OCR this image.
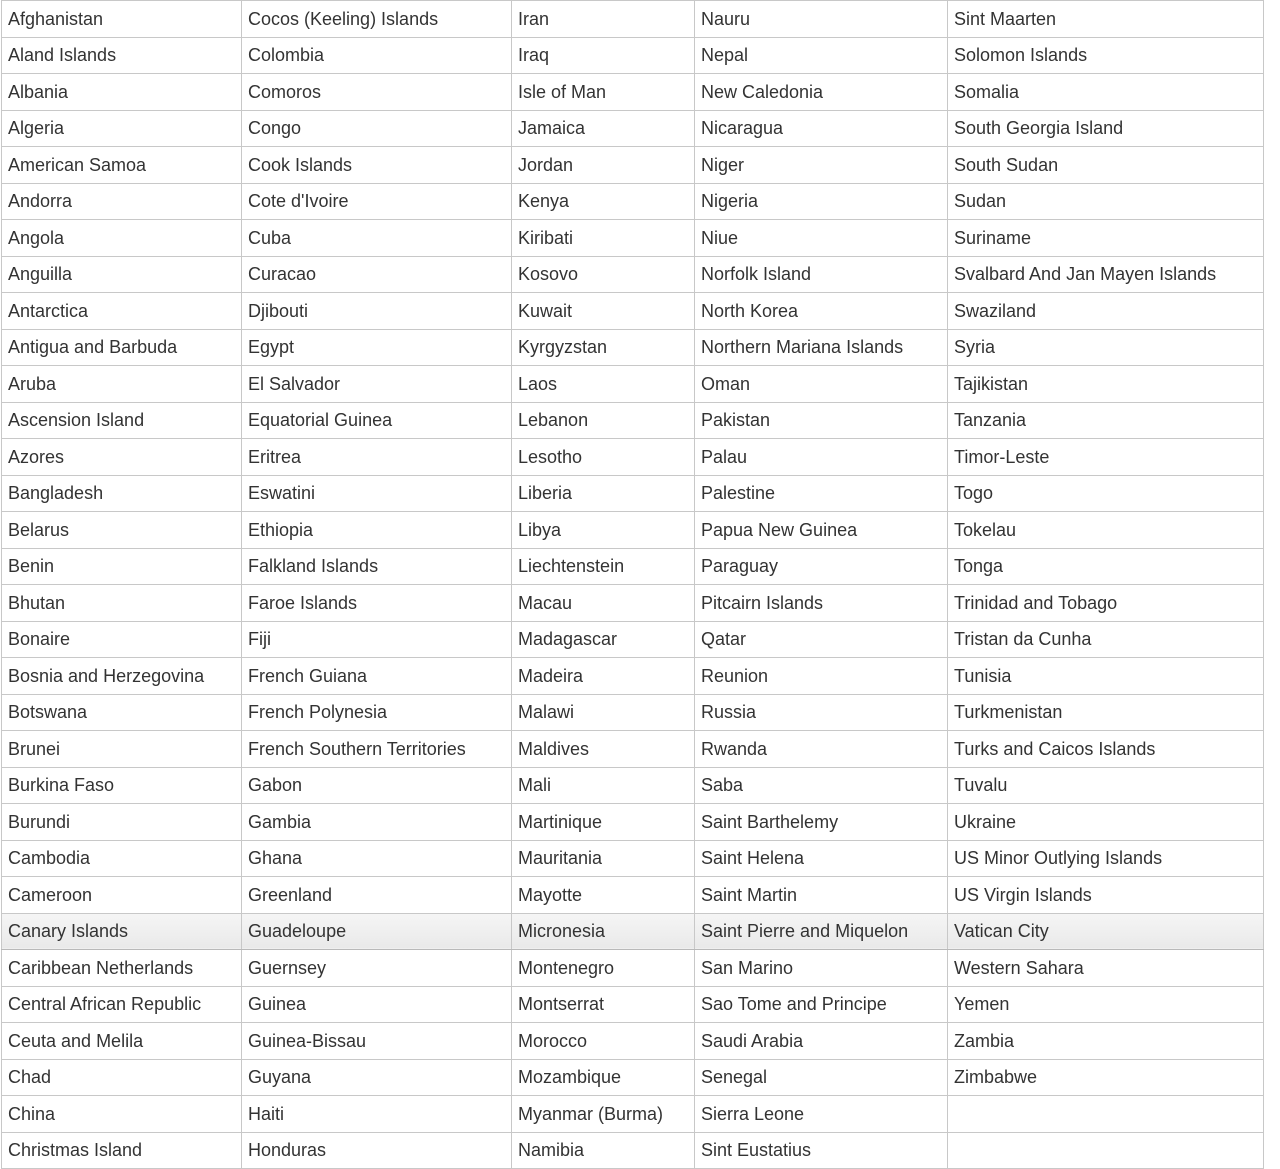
Afghanistan	Cocos (Keeling) Islands	Iran	Nauru	Sint Maarten
Aland Islands	Colombia	Iraq	Nepal	Solomon Islands
Albania	Comoros	Isle of Man	New Caledonia	Somalia
Algeria	Congo	Jamaica	Nicaragua	South Georgia Island
American Samoa	Cook Islands	Jordan	Niger	South Sudan
Andorra	Cote d'Ivoire	Kenya	Nigeria	Sudan
Angola	Cuba	Kiribati	Niue	Suriname
Anguilla	Curacao	Kosovo	Norfolk Island	Svalbard And Jan Mayen Islands
Antarctica	Djibouti	Kuwait	North Korea	Swaziland
Antigua and Barbuda	Egypt	Kyrgyzstan	Northern Mariana Islands	Syria
Aruba	El Salvador	Laos	Oman	Tajikistan
Ascension Island	Equatorial Guinea	Lebanon	Pakistan	Tanzania
Azores	Eritrea	Lesotho	Palau	Timor-Leste
Bangladesh	Eswatini	Liberia	Palestine	Togo
Belarus	Ethiopia	Libya	Papua New Guinea	Tokelau
Benin	Falkland Islands	Liechtenstein	Paraguay	Tonga
Bhutan	Faroe Islands	Macau	Pitcairn Islands	Trinidad and Tobago
Bonaire	Fiji	Madagascar	Qatar	Tristan da Cunha
Bosnia and Herzegovina	French Guiana	Madeira	Reunion	Tunisia
Botswana	French Polynesia	Malawi	Russia	Turkmenistan
Brunei	French Southern Territories	Maldives	Rwanda	Turks and Caicos Islands
Burkina Faso	Gabon	Mali	Saba	Tuvalu
Burundi	Gambia	Martinique	Saint Barthelemy	Ukraine
Cambodia	Ghana	Mauritania	Saint Helena	US Minor Outlying Islands
Cameroon	Greenland	Mayotte	Saint Martin	US Virgin Islands
Canary Islands	Guadeloupe	Micronesia	Saint Pierre and Miquelon	Vatican City
Caribbean Netherlands	Guernsey	Montenegro	San Marino	Western Sahara
Central African Republic	Guinea	Montserrat	Sao Tome and Principe	Yemen
Ceuta and Melila	Guinea-Bissau	Morocco	Saudi Arabia	Zambia
Chad	Guyana	Mozambique	Senegal	Zimbabwe
China	Haiti	Myanmar (Burma)	Sierra Leone	
Christmas Island	Honduras	Namibia	Sint Eustatius	
